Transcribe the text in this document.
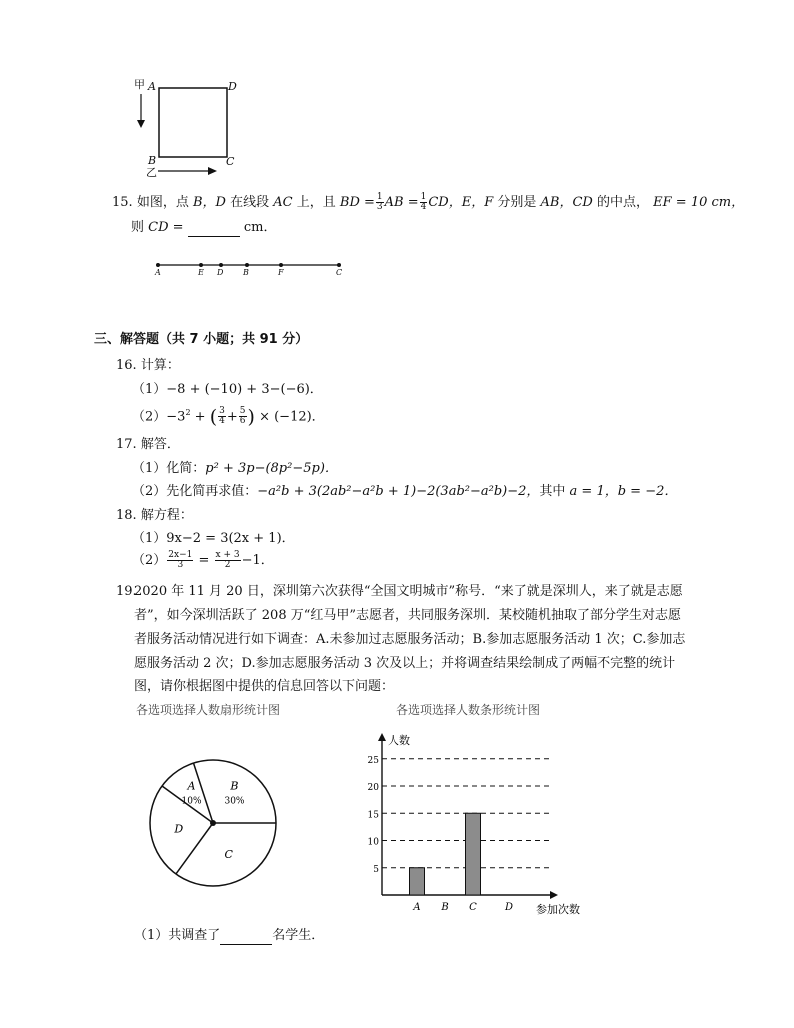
甲 A	D
B	C
乙
15. 如图，点 B，D 在线段 AC 上，且 BD = $\frac{1}{3}$ AB = $\frac{1}{4}$ CD，E，F 分别是 AB，CD 的中点， EF = 10 cm，
则 CD =	cm．
A	E D B	F	C
三、解答题（共 7 小题；共 91 分）
16. 计算：
（1）−8 + (−10) + 3−(−6)．
$(2)-3^2$ + ( $\frac{3}{4} + \frac{5}{6}$ ) × (−12)．
17. 解答．
（1）化简：p² + 3p−(8p²−5p)．
（2）先化简再求值：−a²b + 3(2ab²−a²b + 1)−2(3ab²−a²b)−2，其中 a = 1，b = −2．
18. 解方程：
（1）9x−2 = 3(2x + 1)．
$(2) \frac{2x-1}{3} = \frac{x + 3}{2} -1$．
19.
2020 年 11 月 20 日，深圳第六次获得“全国文明城市”称号．“来了就是深圳人，来了就是志愿
者”，如今深圳活跃了 208 万“红马甲”志愿者，共同服务深圳．某校随机抽取了部分学生对志愿
者服务活动情况进行如下调查：A.未参加过志愿服务活动；B.参加志愿服务活动 1 次；C.参加志
愿服务活动 2 次；D.参加志愿服务活动 3 次及以上；并将调查结果绘制成了两幅不完整的统计
图，请你根据图中提供的信息回答以下问题：
各选项选择人数扇形统计图
B
30%
C
D
A
10%
各选项选择人数条形统计图
人数
参加次数
5
10
15
20
25
A B C	D
（1）共调查了	名学生．
